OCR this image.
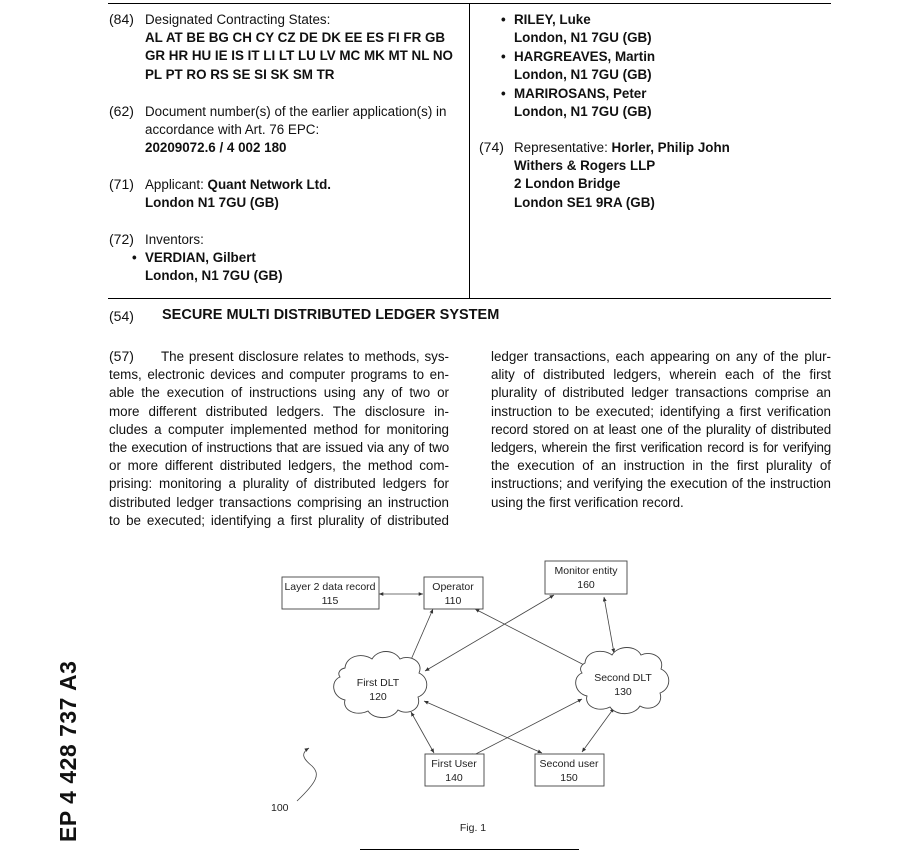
(84) Designated Contracting States:
AL AT BE BG CH CY CZ DE DK EE ES FI FR GB
GR HR HU IE IS IT LI LT LU LV MC MK MT NL NO
PL PT RO RS SE SI SK SM TR
(62) Document number(s) of the earlier application(s) in
accordance with Art. 76 EPC:
20209072.6 / 4 002 180
(71) Applicant: Quant Network Ltd.
London N1 7GU (GB)
(72) Inventors:
• VERDIAN, Gilbert
London, N1 7GU (GB)
• RILEY, Luke
London, N1 7GU (GB)
• HARGREAVES, Martin
London, N1 7GU (GB)
• MARIROSANS, Peter
London, N1 7GU (GB)
(74) Representative: Horler, Philip John
Withers & Rogers LLP
2 London Bridge
London SE1 9RA (GB)
(54) SECURE MULTI DISTRIBUTED LEDGER SYSTEM
(57) The present disclosure relates to methods, sys-
tems, electronic devices and computer programs to en-
able the execution of instructions using any of two or
more different distributed ledgers. The disclosure in-
cludes a computer implemented method for monitoring
the execution of instructions that are issued via any of two
or more different distributed ledgers, the method com-
prising: monitoring a plurality of distributed ledgers for
distributed ledger transactions comprising an instruction
to be executed; identifying a first plurality of distributed
ledger transactions, each appearing on any of the plur-
ality of distributed ledgers, wherein each of the first
plurality of distributed ledger transactions comprise an
instruction to be executed; identifying a first verification
record stored on at least one of the plurality of distributed
ledgers, wherein the first verification record is for verifying
the execution of an instruction in the first plurality of
instructions; and verifying the execution of the instruction
using the first verification record.
Layer 2 data record
115
Operator
110
Monitor entity
160
First DLT
120
Second DLT
130
First User
140
Second user
150
100
Fig. 1
EP 4 428 737 A3
